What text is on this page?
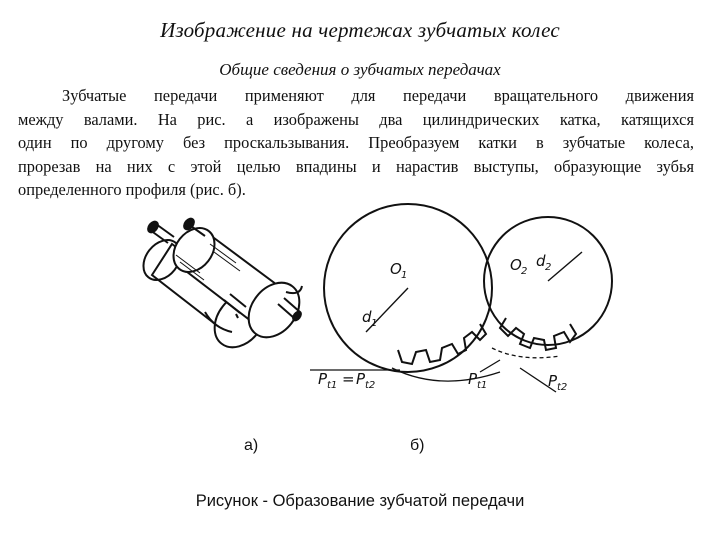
Изображение на чертежах зубчатых колес
Общие сведения о зубчатых передачах
Зубчатые передачи применяют для передачи вращательного движения
между валами. На рис. а изображены два цилиндрических катка, катящихся
один по другому без проскальзывания. Преобразуем катки в зубчатые колеса,
прорезав на них с этой целью впадины и нарастив выступы, образующие зубья
определенного профиля (рис. б).
O 1
O 2
d 1
d 2
P t1 = P t2	P t1	P t2
а)	б)
Рисунок - Образование зубчатой передачи
